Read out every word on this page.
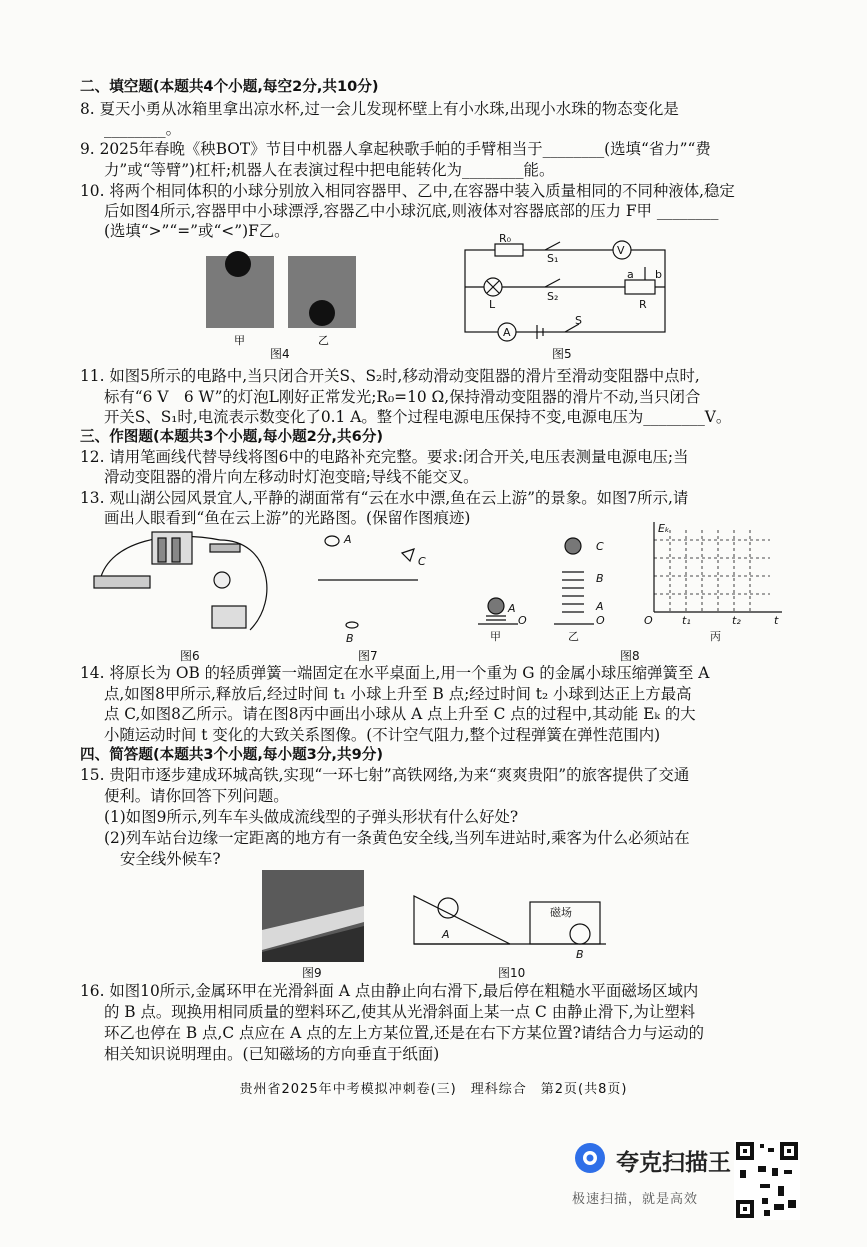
二、填空题(本题共4个小题,每空2分,共10分)
8. 夏天小勇从冰箱里拿出凉水杯,过一会儿发现杯壁上有小水珠,出现小水珠的物态变化是
________。
9. 2025年春晚《秧BOT》节目中机器人拿起秧歌手帕的手臂相当于________(选填“省力”“费
力”或“等臂”)杠杆;机器人在表演过程中把电能转化为________能。
10. 将两个相同体积的小球分别放入相同容器甲、乙中,在容器中装入质量相同的不同种液体,稳定
后如图4所示,容器甲中小球漂浮,容器乙中小球沉底,则液体对容器底部的压力 F甲 ________
(选填“>”“=”或“<”)F乙。
11. 如图5所示的电路中,当只闭合开关S、S₂时,移动滑动变阻器的滑片至滑动变阻器中点时,
标有“6 V　6 W”的灯泡L刚好正常发光;R₀=10 Ω,保持滑动变阻器的滑片不动,当只闭合
开关S、S₁时,电流表示数变化了0.1 A。整个过程电源电压保持不变,电源电压为________V。
三、作图题(本题共3个小题,每小题2分,共6分)
12. 请用笔画线代替导线将图6中的电路补充完整。要求:闭合开关,电压表测量电源电压;当
滑动变阻器的滑片向左移动时灯泡变暗;导线不能交叉。
13. 观山湖公园风景宜人,平静的湖面常有“云在水中漂,鱼在云上游”的景象。如图7所示,请
画出人眼看到“鱼在云上游”的光路图。(保留作图痕迹)
14. 将原长为 OB 的轻质弹簧一端固定在水平桌面上,用一个重为 G 的金属小球压缩弹簧至 A
点,如图8甲所示,释放后,经过时间 t₁ 小球上升至 B 点;经过时间 t₂ 小球到达正上方最高
点 C,如图8乙所示。请在图8丙中画出小球从 A 点上升至 C 点的过程中,其动能 Eₖ 的大
小随运动时间 t 变化的大致关系图像。(不计空气阻力,整个过程弹簧在弹性范围内)
四、简答题(本题共3个小题,每小题3分,共9分)
15. 贵阳市逐步建成环城高铁,实现“一环七射”高铁网络,为来“爽爽贵阳”的旅客提供了交通
便利。请你回答下列问题。
(1)如图9所示,列车车头做成流线型的子弹头形状有什么好处?
(2)列车站台边缘一定距离的地方有一条黄色安全线,当列车进站时,乘客为什么必须站在
安全线外候车?
16. 如图10所示,金属环甲在光滑斜面 A 点由静止向右滑下,最后停在粗糙水平面磁场区域内
的 B 点。现换用相同质量的塑料环乙,使其从光滑斜面上某一点 C 由静止滑下,为让塑料
环乙也停在 B 点,C 点应在 A 点的左上方某位置,还是在右下方某位置?请结合力与运动的
相关知识说明理由。(已知磁场的方向垂直于纸面)
甲	乙
图4
V
A
R₀
S₁
S₂
L
S
a b
R
图5
图6
A
C
B
图7
A
O
甲
C
B
A
O
乙
Eₖ
O	t₁	t₂	t
丙
图8
图9
A
磁场
B
图10
贵州省2025年中考模拟冲刺卷(三)　理科综合　第2页(共8页)
夸克扫描王
极速扫描，就是高效
